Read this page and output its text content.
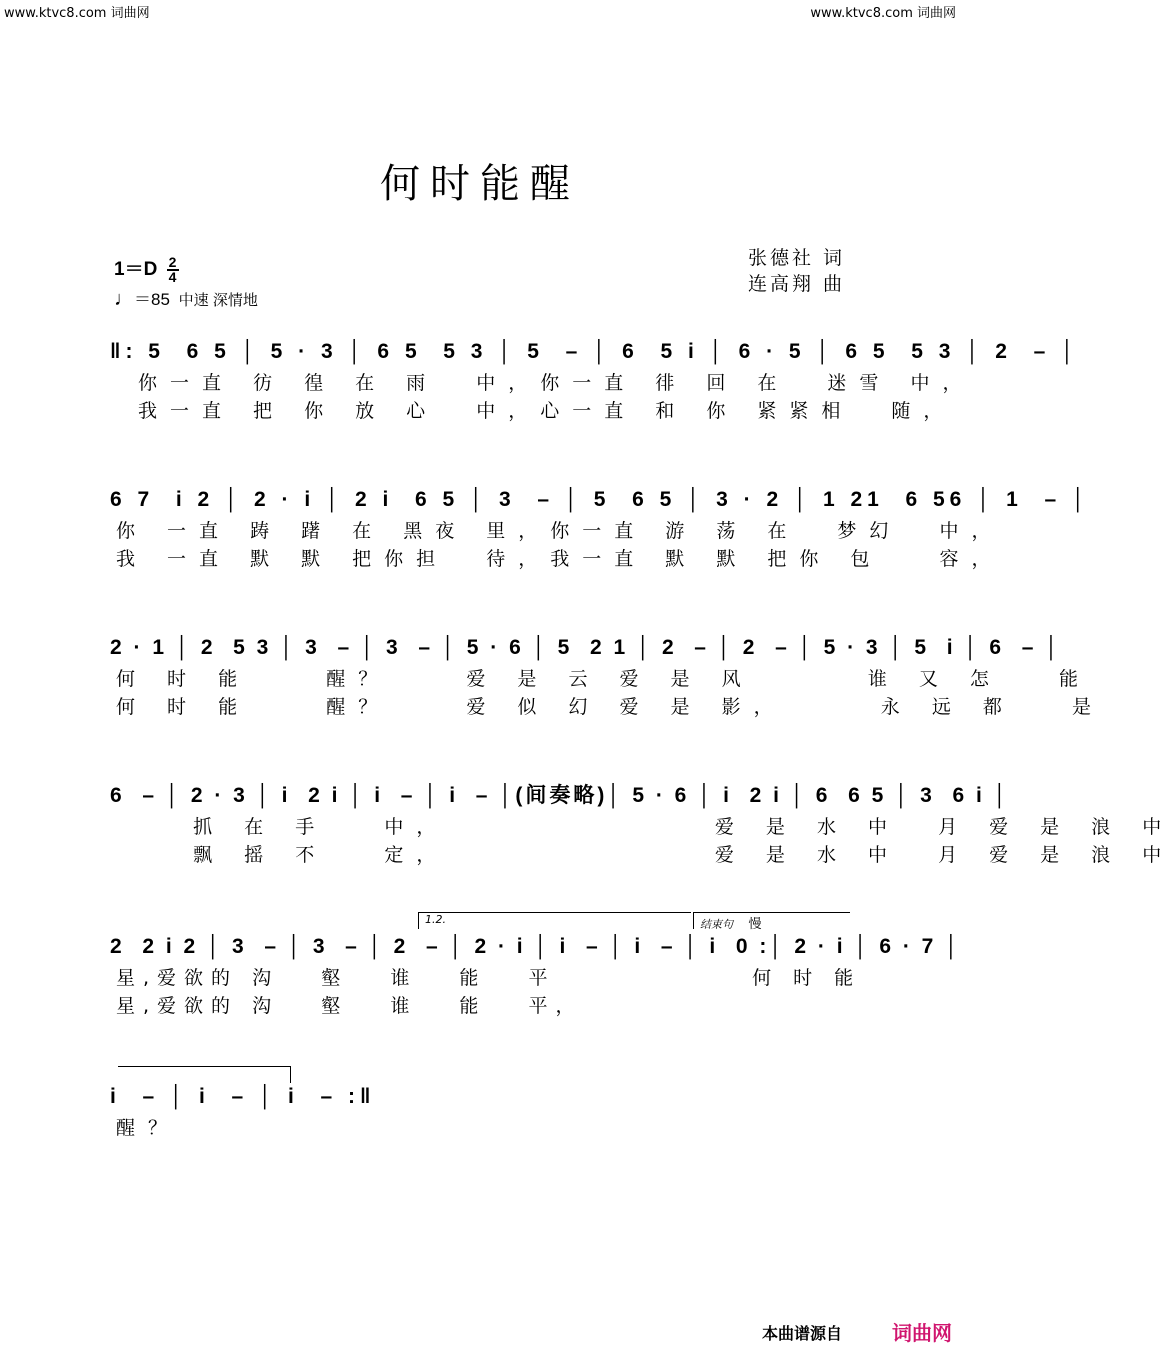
www.ktvc8.com 词曲网	www.ktvc8.com 词曲网
何时能醒
$1=D \frac{2}{4}$
♩＝85 中速 深情地
张德社 词
连高翔 曲
‖: 5  6 5 │ 5 · 3 │ 6 5  5 3 │ 5  – │ 6  5 i │ 6 · 5 │ 6 5  5 3 │ 2  – │
你一直 彷 徨 在 雨  中，你一直 徘 回 在  迷雪 中，
我一直 把 你 放 心  中，心一直 和 你 紧紧相  随，
6 7  i 2 │ 2 · i │ 2 i  6 5 │ 3  – │ 5  6 5 │ 3 · 2 │ 1 21  6 56 │ 1  – │
你 一直 踌 躇 在 黑夜 里，你一直 游 荡 在  梦幻  中，
我 一直 默 默 把你担  待，我一直 默 默 把你 包   容，
2 · 1 │ 2  5 3 │ 3  – │ 3  – │ 5 · 6 │ 5  2 1 │ 2  – │ 2  – │ 5 · 3 │ 5  i │ 6  – │
何 时 能    醒？    爱 是 云 爱 是 风      谁 又 怎   能
何 时 能    醒？    爱 似 幻 爱 是 影，     永 远 都   是
6  – │ 2 · 3 │ i  2 i │ i  – │ i  – │(间奏略)│ 5 · 6 │ i  2 i │ 6  6 5 │ 3  6 i │
抓 在 手   中，              爱 是 水 中  月 爱 是 浪 中
飘 摇 不   定，              爱 是 水 中  月 爱 是 浪 中
1.2.	结束句 慢
2  2 i 2 │ 3  – │ 3  – │ 2  – │ 2 · i │ i  – │ i  – │ i  0 :│ 2 · i │ 6 · 7 │
星,爱欲的 沟   壑   谁   能   平              何 时 能
星,爱欲的 沟   壑   谁   能   平，
i  – │ i  – │ i  – :‖
醒？
本曲谱源自	词曲网
